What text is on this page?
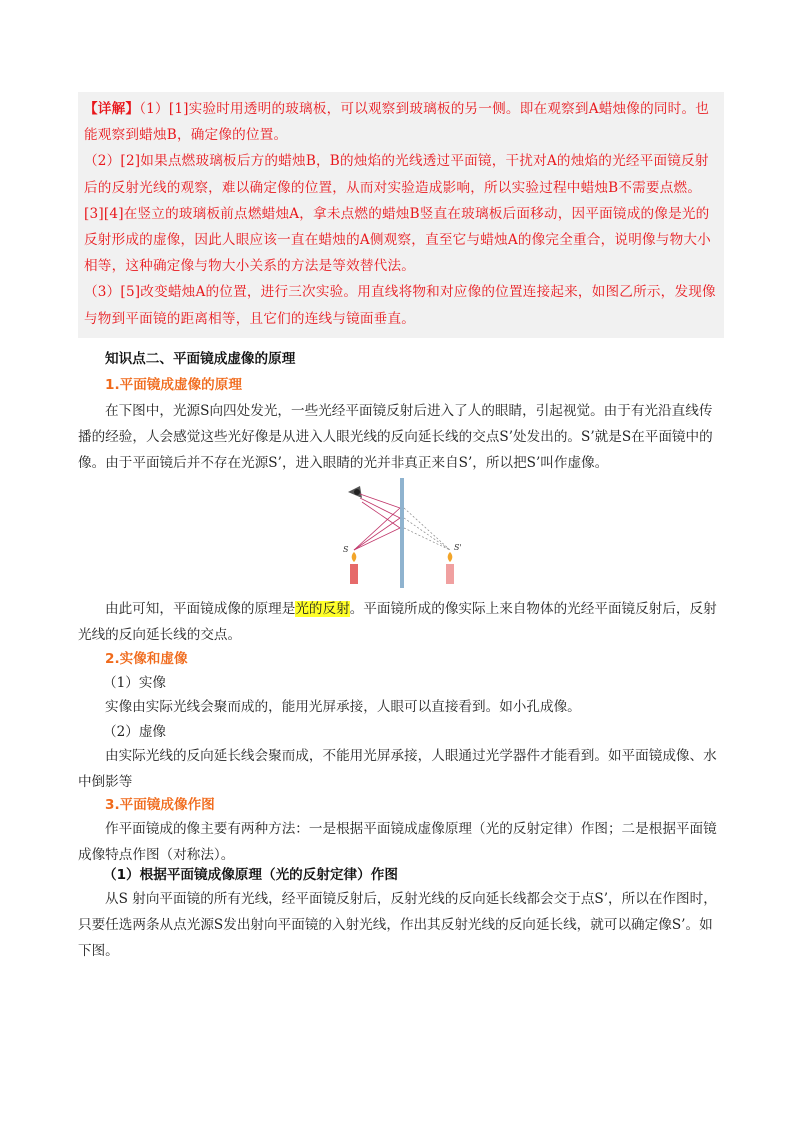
【详解】（1）[1]实验时用透明的玻璃板，可以观察到玻璃板的另一侧。即在观察到A蜡烛像的同时。也能观察到蜡烛B，确定像的位置。

（2）[2]如果点燃玻璃板后方的蜡烛B，B的烛焰的光线透过平面镜，干扰对A的烛焰的光经平面镜反射后的反射光线的观察，难以确定像的位置，从而对实验造成影响，所以实验过程中蜡烛B不需要点燃。

[3][4]在竖立的玻璃板前点燃蜡烛A，拿未点燃的蜡烛B竖直在玻璃板后面移动，因平面镜成的像是光的反射形成的虚像，因此人眼应该一直在蜡烛的A侧观察，直至它与蜡烛A的像完全重合，说明像与物大小相等，这种确定像与物大小关系的方法是等效替代法。

（3）[5]改变蜡烛A的位置，进行三次实验。用直线将物和对应像的位置连接起来，如图乙所示，发现像与物到平面镜的距离相等，且它们的连线与镜面垂直。

知识点二、平面镜成虚像的原理

1.平面镜成虚像的原理

在下图中，光源S向四处发光，一些光经平面镜反射后进入了人的眼睛，引起视觉。由于有光沿直线传播的经验，人会感觉这些光好像是从进入人眼光线的反向延长线的交点S’处发出的。S’就是S在平面镜中的像。由于平面镜后并不存在光源S’，进入眼睛的光并非真正来自S’，所以把S’叫作虚像。

S	S'

由此可知，平面镜成像的原理是光的反射。平面镜所成的像实际上来自物体的光经平面镜反射后，反射光线的反向延长线的交点。

2.实像和虚像

（1）实像

实像由实际光线会聚而成的，能用光屏承接，人眼可以直接看到。如小孔成像。

（2）虚像

由实际光线的反向延长线会聚而成，不能用光屏承接，人眼通过光学器件才能看到。如平面镜成像、水中倒影等

3.平面镜成像作图

作平面镜成的像主要有两种方法：一是根据平面镜成虚像原理（光的反射定律）作图；二是根据平面镜成像特点作图（对称法）。

（1）根据平面镜成像原理（光的反射定律）作图

从S 射向平面镜的所有光线，经平面镜反射后，反射光线的反向延长线都会交于点S’，所以在作图时，只要任选两条从点光源S发出射向平面镜的入射光线，作出其反射光线的反向延长线，就可以确定像S’。如下图。
